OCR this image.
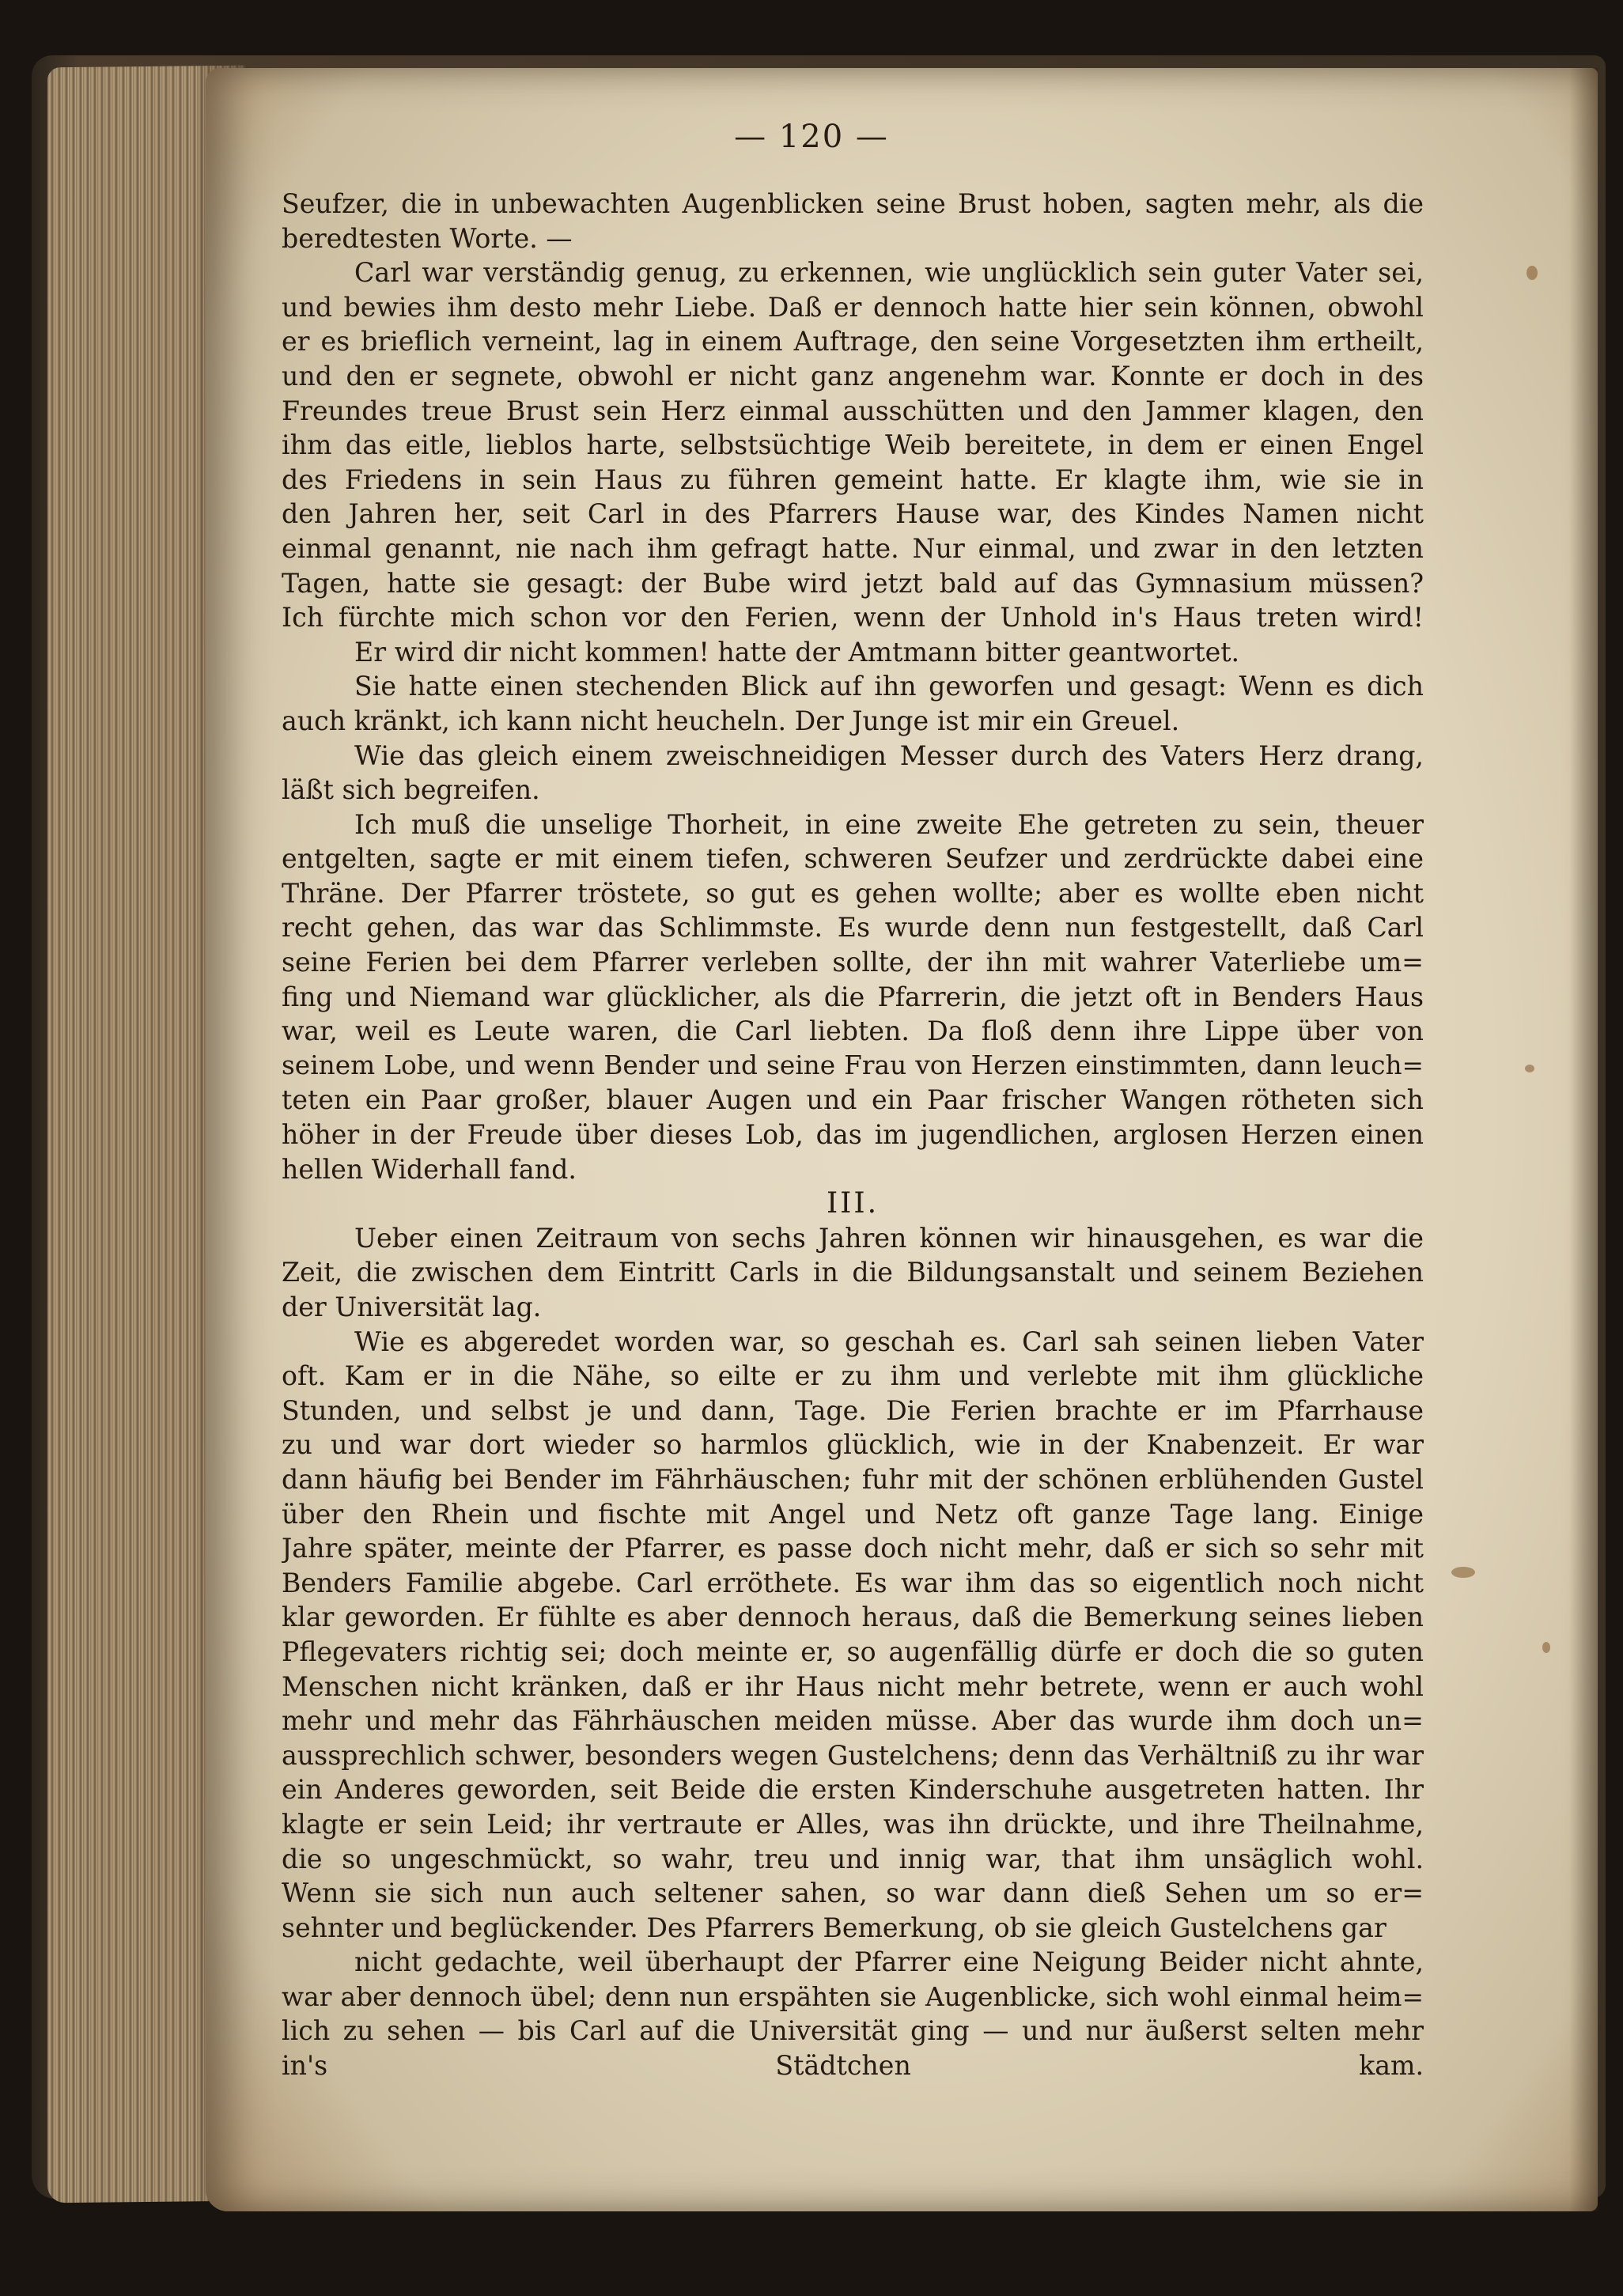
— 120 —
Seufzer, die in unbewachten Augenblicken seine Brust hoben, sagten mehr, als die
beredtesten Worte. —
Carl war verständig genug, zu erkennen, wie unglücklich sein guter Vater sei,
und bewies ihm desto mehr Liebe. Daß er dennoch hatte hier sein können, obwohl
er es brieflich verneint, lag in einem Auftrage, den seine Vorgesetzten ihm ertheilt,
und den er segnete, obwohl er nicht ganz angenehm war. Konnte er doch in des
Freundes treue Brust sein Herz einmal ausschütten und den Jammer klagen, den
ihm das eitle, lieblos harte, selbstsüchtige Weib bereitete, in dem er einen Engel
des Friedens in sein Haus zu führen gemeint hatte. Er klagte ihm, wie sie in
den Jahren her, seit Carl in des Pfarrers Hause war, des Kindes Namen nicht
einmal genannt, nie nach ihm gefragt hatte. Nur einmal, und zwar in den letzten
Tagen, hatte sie gesagt: der Bube wird jetzt bald auf das Gymnasium müssen?
Ich fürchte mich schon vor den Ferien, wenn der Unhold in's Haus treten wird!
Er wird dir nicht kommen! hatte der Amtmann bitter geantwortet.
Sie hatte einen stechenden Blick auf ihn geworfen und gesagt: Wenn es dich
auch kränkt, ich kann nicht heucheln. Der Junge ist mir ein Greuel.
Wie das gleich einem zweischneidigen Messer durch des Vaters Herz drang,
läßt sich begreifen.
Ich muß die unselige Thorheit, in eine zweite Ehe getreten zu sein, theuer
entgelten, sagte er mit einem tiefen, schweren Seufzer und zerdrückte dabei eine
Thräne. Der Pfarrer tröstete, so gut es gehen wollte; aber es wollte eben nicht
recht gehen, das war das Schlimmste. Es wurde denn nun festgestellt, daß Carl
seine Ferien bei dem Pfarrer verleben sollte, der ihn mit wahrer Vaterliebe um=
fing und Niemand war glücklicher, als die Pfarrerin, die jetzt oft in Benders Haus
war, weil es Leute waren, die Carl liebten. Da floß denn ihre Lippe über von
seinem Lobe, und wenn Bender und seine Frau von Herzen einstimmten, dann leuch=
teten ein Paar großer, blauer Augen und ein Paar frischer Wangen rötheten sich
höher in der Freude über dieses Lob, das im jugendlichen, arglosen Herzen einen
hellen Widerhall fand.
III.
Ueber einen Zeitraum von sechs Jahren können wir hinausgehen, es war die
Zeit, die zwischen dem Eintritt Carls in die Bildungsanstalt und seinem Beziehen
der Universität lag.
Wie es abgeredet worden war, so geschah es. Carl sah seinen lieben Vater
oft. Kam er in die Nähe, so eilte er zu ihm und verlebte mit ihm glückliche
Stunden, und selbst je und dann, Tage. Die Ferien brachte er im Pfarrhause
zu und war dort wieder so harmlos glücklich, wie in der Knabenzeit. Er war
dann häufig bei Bender im Fährhäuschen; fuhr mit der schönen erblühenden Gustel
über den Rhein und fischte mit Angel und Netz oft ganze Tage lang. Einige
Jahre später, meinte der Pfarrer, es passe doch nicht mehr, daß er sich so sehr mit
Benders Familie abgebe. Carl erröthete. Es war ihm das so eigentlich noch nicht
klar geworden. Er fühlte es aber dennoch heraus, daß die Bemerkung seines lieben
Pflegevaters richtig sei; doch meinte er, so augenfällig dürfe er doch die so guten
Menschen nicht kränken, daß er ihr Haus nicht mehr betrete, wenn er auch wohl
mehr und mehr das Fährhäuschen meiden müsse. Aber das wurde ihm doch un=
aussprechlich schwer, besonders wegen Gustelchens; denn das Verhältniß zu ihr war
ein Anderes geworden, seit Beide die ersten Kinderschuhe ausgetreten hatten. Ihr
klagte er sein Leid; ihr vertraute er Alles, was ihn drückte, und ihre Theilnahme,
die so ungeschmückt, so wahr, treu und innig war, that ihm unsäglich wohl.
Wenn sie sich nun auch seltener sahen, so war dann dieß Sehen um so er=
sehnter und beglückender. Des Pfarrers Bemerkung, ob sie gleich Gustelchens gar
nicht gedachte, weil überhaupt der Pfarrer eine Neigung Beider nicht ahnte,
war aber dennoch übel; denn nun erspähten sie Augenblicke, sich wohl einmal heim=
lich zu sehen — bis Carl auf die Universität ging — und nur äußerst selten mehr
in's Städtchen kam.
